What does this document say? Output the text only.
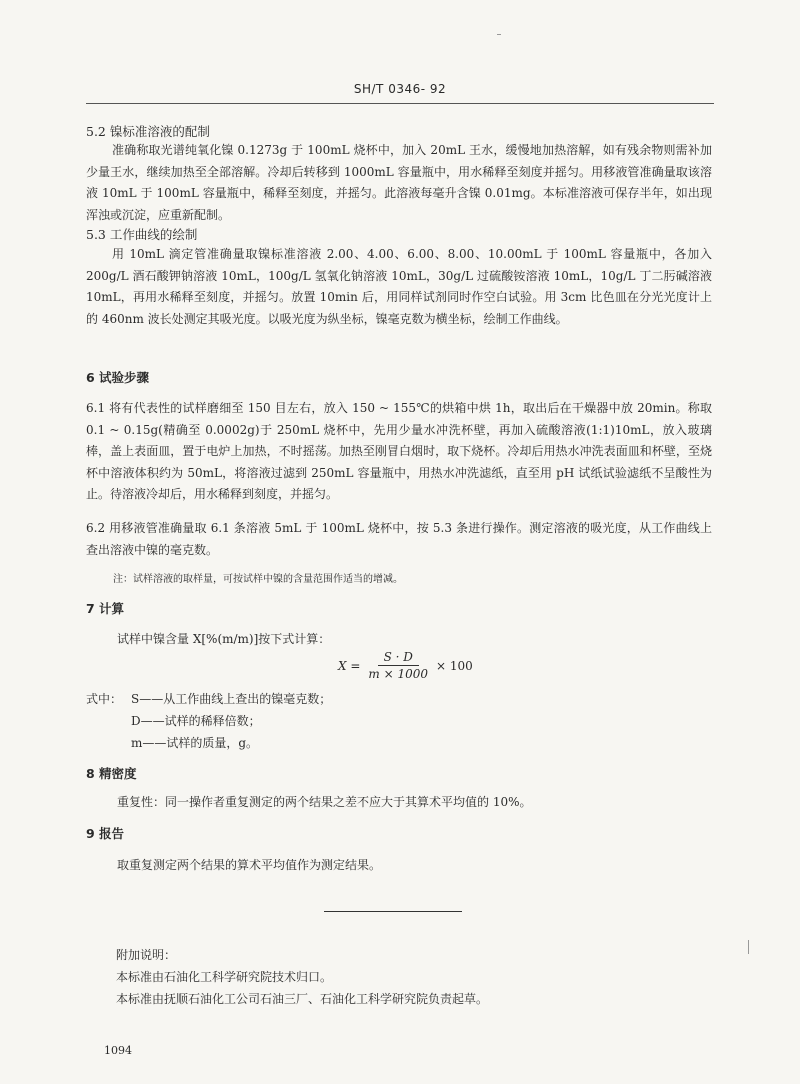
SH/T 0346- 92
5.2 镍标准溶液的配制
准确称取光谱纯氧化镍 0.1273g 于 100mL 烧杯中，加入 20mL 王水，缓慢地加热溶解，如有残余物则需补加少量王水，继续加热至全部溶解。冷却后转移到 1000mL 容量瓶中，用水稀释至刻度并摇匀。用移液管准确量取该溶液 10mL 于 100mL 容量瓶中，稀释至刻度，并摇匀。此溶液每毫升含镍 0.01mg。本标准溶液可保存半年，如出现浑浊或沉淀，应重新配制。
5.3 工作曲线的绘制
用 10mL 滴定管准确量取镍标准溶液 2.00、4.00、6.00、8.00、10.00mL 于 100mL 容量瓶中，各加入 200g/L 酒石酸钾钠溶液 10mL，100g/L 氢氧化钠溶液 10mL，30g/L 过硫酸铵溶液 10mL，10g/L 丁二肟碱溶液 10mL，再用水稀释至刻度，并摇匀。放置 10min 后，用同样试剂同时作空白试验。用 3cm 比色皿在分光光度计上的 460nm 波长处测定其吸光度。以吸光度为纵坐标，镍毫克数为横坐标，绘制工作曲线。
6 试验步骤
6.1 将有代表性的试样磨细至 150 目左右，放入 150 ~ 155℃的烘箱中烘 1h，取出后在干燥器中放 20min。称取 0.1 ~ 0.15g(精确至 0.0002g)于 250mL 烧杯中，先用少量水冲洗杯壁，再加入硫酸溶液(1:1)10mL，放入玻璃棒，盖上表面皿，置于电炉上加热，不时摇荡。加热至刚冒白烟时，取下烧杯。冷却后用热水冲洗表面皿和杯壁，至烧杯中溶液体积约为 50mL，将溶液过滤到 250mL 容量瓶中，用热水冲洗滤纸，直至用 pH 试纸试验滤纸不呈酸性为止。待溶液冷却后，用水稀释到刻度，并摇匀。
6.2 用移液管准确量取 6.1 条溶液 5mL 于 100mL 烧杯中，按 5.3 条进行操作。测定溶液的吸光度，从工作曲线上查出溶液中镍的毫克数。
注：试样溶液的取样量，可按试样中镍的含量范围作适当的增减。
7 计算
试样中镍含量 X[%(m/m)]按下式计算：
$X = \frac{S \cdot D}{m \times 1000} \times 100$
式中： S——从工作曲线上查出的镍毫克数；
D——试样的稀释倍数；
m——试样的质量，g。
8 精密度
重复性：同一操作者重复测定的两个结果之差不应大于其算术平均值的 10%。
9 报告
取重复测定两个结果的算术平均值作为测定结果。
附加说明：
本标准由石油化工科学研究院技术归口。
本标准由抚顺石油化工公司石油三厂、石油化工科学研究院负责起草。
1094
